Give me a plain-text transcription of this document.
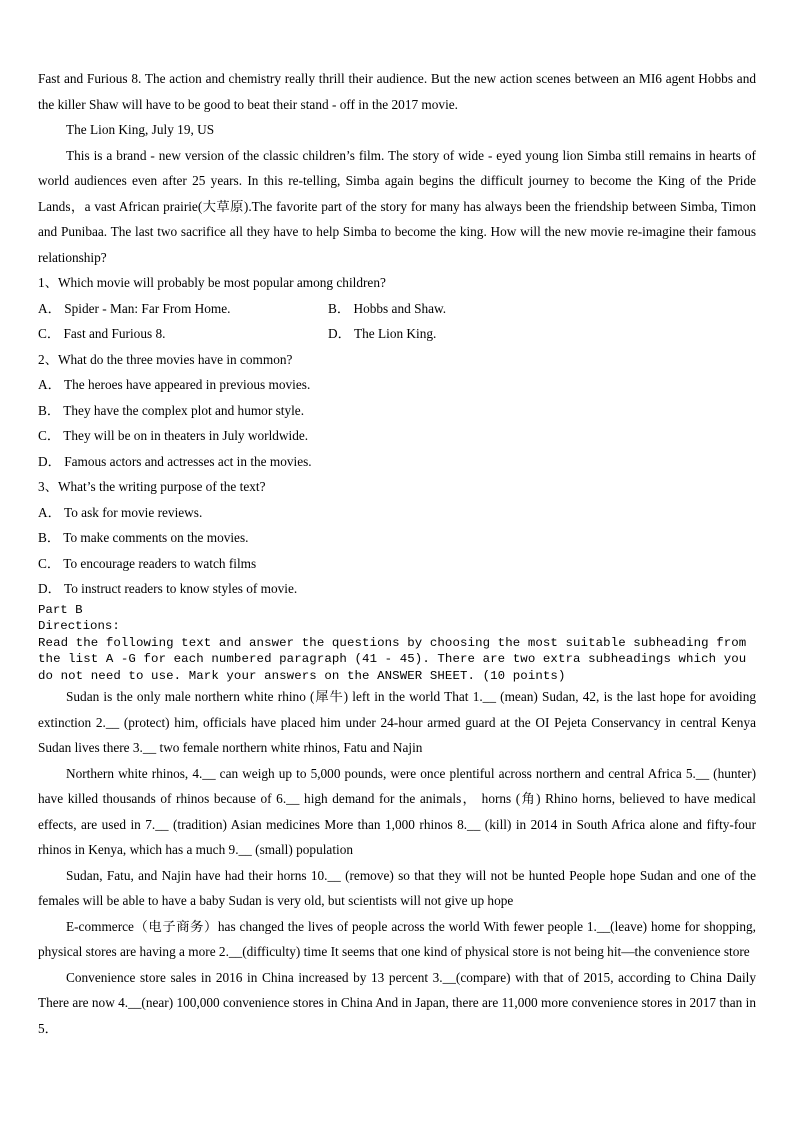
Fast and Furious 8. The action and chemistry really thrill their audience. But the new action scenes between an MI6 agent Hobbs and the killer Shaw will have to be good to beat their stand - off in the 2017 movie.

The Lion King, July 19, US

This is a brand - new version of the classic children’s film. The story of wide - eyed young lion Simba still remains in hearts of world audiences even after 25 years. In this re-telling, Simba again begins the difficult journey to become the King of the Pride Lands，a vast African prairie(大草原).The favorite part of the story for many has always been the friendship between Simba, Timon and Punibaa. The last two sacrifice all they have to help Simba to become the king. How will the new movie re-imagine their famous relationship?

1、Which movie will probably be most popular among children?

A． Spider - Man: Far From Home.	B． Hobbs and Shaw.
C． Fast and Furious 8.	D． The Lion King.

2、What do the three movies have in common?

A． The heroes have appeared in previous movies.

B． They have the complex plot and humor style.

C． They will be on in theaters in July worldwide.

D． Famous actors and actresses act in the movies.

3、What’s the writing purpose of the text?

A． To ask for movie reviews.

B． To make comments on the movies.

C． To encourage readers to watch films

D． To instruct readers to know styles of movie.

Part B

Directions:

Read the following text and answer the questions by choosing the most suitable subheading from the list A -G for each numbered paragraph (41 - 45). There are two extra subheadings which you do not need to use. Mark your answers on the ANSWER SHEET. (10 points)

Sudan is the only male northern white rhino (犀牛) left in the world That 1.__ (mean) Sudan, 42, is the last hope for avoiding extinction 2.__ (protect) him, officials have placed him under 24-hour armed guard at the OI Pejeta Conservancy in central Kenya Sudan lives there 3.__ two female northern white rhinos, Fatu and Najin

Northern white rhinos, 4.__ can weigh up to 5,000 pounds, were once plentiful across northern and central Africa 5.__ (hunter) have killed thousands of rhinos because of 6.__ high demand for the animals， horns (角) Rhino horns, believed to have medical effects, are used in 7.__ (tradition) Asian medicines More than 1,000 rhinos 8.__ (kill) in 2014 in South Africa alone and fifty-four rhinos in Kenya, which has a much 9.__ (small) population

Sudan, Fatu, and Najin have had their horns 10.__ (remove) so that they will not be hunted People hope Sudan and one of the females will be able to have a baby Sudan is very old, but scientists will not give up hope

E-commerce（电子商务）has changed the lives of people across the world With fewer people 1.__(leave) home for shopping, physical stores are having a more 2.__(difficulty) time It seems that one kind of physical store is not being hit—the convenience store

Convenience store sales in 2016 in China increased by 13 percent 3.__(compare) with that of 2015, according to China Daily There are now 4.__(near) 100,000 convenience stores in China And in Japan, there are 11,000 more convenience stores in 2017 than in 5．
